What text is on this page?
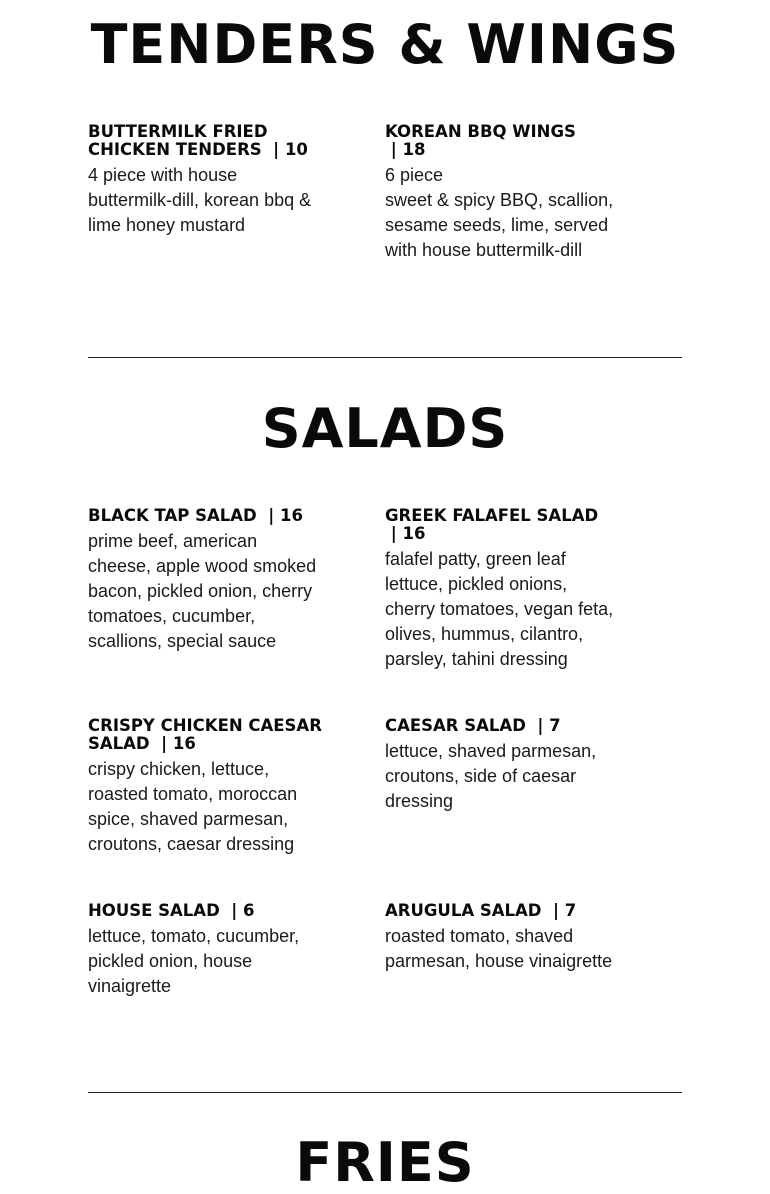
TENDERS & WINGS
BUTTERMILK FRIED CHICKEN TENDERS | 10

4 piece with house buttermilk-dill, korean bbq & lime honey mustard

KOREAN BBQ WINGS
| 18

6 piece
sweet & spicy BBQ, scallion, sesame seeds, lime, served with house buttermilk-dill

SALADS
BLACK TAP SALAD | 16

prime beef, american cheese, apple wood smoked bacon, pickled onion, cherry tomatoes, cucumber, scallions, special sauce

GREEK FALAFEL SALAD
| 16

falafel patty, green leaf lettuce, pickled onions, cherry tomatoes, vegan feta, olives, hummus, cilantro, parsley, tahini dressing

CRISPY CHICKEN CAESAR SALAD | 16

crispy chicken, lettuce, roasted tomato, moroccan spice, shaved parmesan, croutons, caesar dressing

CAESAR SALAD | 7

lettuce, shaved parmesan, croutons, side of caesar dressing

HOUSE SALAD | 6

lettuce, tomato, cucumber, pickled onion, house vinaigrette

ARUGULA SALAD | 7

roasted tomato, shaved parmesan, house vinaigrette

FRIES
